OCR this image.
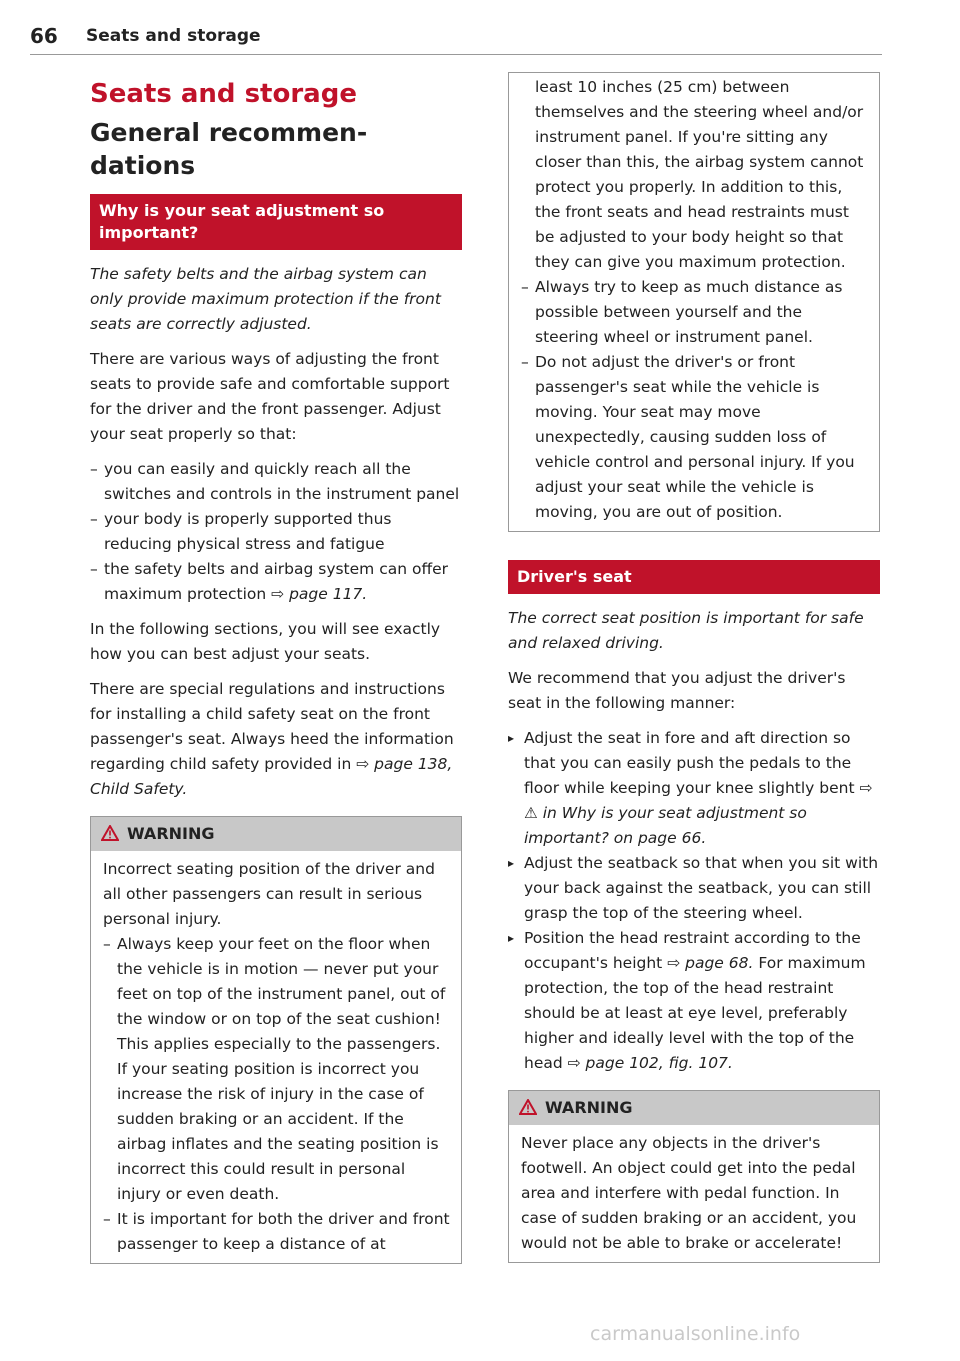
66 Seats and storage
Seats and storage
General recommen-dations
Why is your seat adjustment so important?

The safety belts and the airbag system can only provide maximum protection if the front seats are correctly adjusted.

There are various ways of adjusting the front seats to provide safe and comfortable support for the driver and the front passenger. Adjust your seat properly so that:

– you can easily and quickly reach all the switches and controls in the instrument panel
– your body is properly supported thus reducing physical stress and fatigue
– the safety belts and airbag system can offer maximum protection ⇨ page 117.

In the following sections, you will see exactly how you can best adjust your seats.

There are special regulations and instructions for installing a child safety seat on the front passenger's seat. Always heed the information regarding child safety provided in ⇨ page 138, Child Safety.

WARNING

Incorrect seating position of the driver and all other passengers can result in serious personal injury.

– Always keep your feet on the floor when the vehicle is in motion — never put your feet on top of the instrument panel, out of the window or on top of the seat cushion! This applies especially to the passengers. If your seating position is incorrect you increase the risk of injury in the case of sudden braking or an accident. If the airbag inflates and the seating position is incorrect this could result in personal injury or even death.
– It is important for both the driver and front passenger to keep a distance of at

least 10 inches (25 cm) between themselves and the steering wheel and/or instrument panel. If you're sitting any closer than this, the airbag system cannot protect you properly. In addition to this, the front seats and head restraints must be adjusted to your body height so that they can give you maximum protection.

– Always try to keep as much distance as possible between yourself and the steering wheel or instrument panel.
– Do not adjust the driver's or front passenger's seat while the vehicle is moving. Your seat may move unexpectedly, causing sudden loss of vehicle control and personal injury. If you adjust your seat while the vehicle is moving, you are out of position.
Driver's seat

The correct seat position is important for safe and relaxed driving.

We recommend that you adjust the driver's seat in the following manner:

▸ Adjust the seat in fore and aft direction so that you can easily push the pedals to the floor while keeping your knee slightly bent ⇨ ⚠ in Why is your seat adjustment so important? on page 66.
▸ Adjust the seatback so that when you sit with your back against the seatback, you can still grasp the top of the steering wheel.
▸ Position the head restraint according to the occupant's height ⇨ page 68. For maximum protection, the top of the head restraint should be at least at eye level, preferably higher and ideally level with the top of the head ⇨ page 102, fig. 107.
WARNING

Never place any objects in the driver's footwell. An object could get into the pedal area and interfere with pedal function. In case of sudden braking or an accident, you would not be able to brake or accelerate!

carmanualsonline.info
